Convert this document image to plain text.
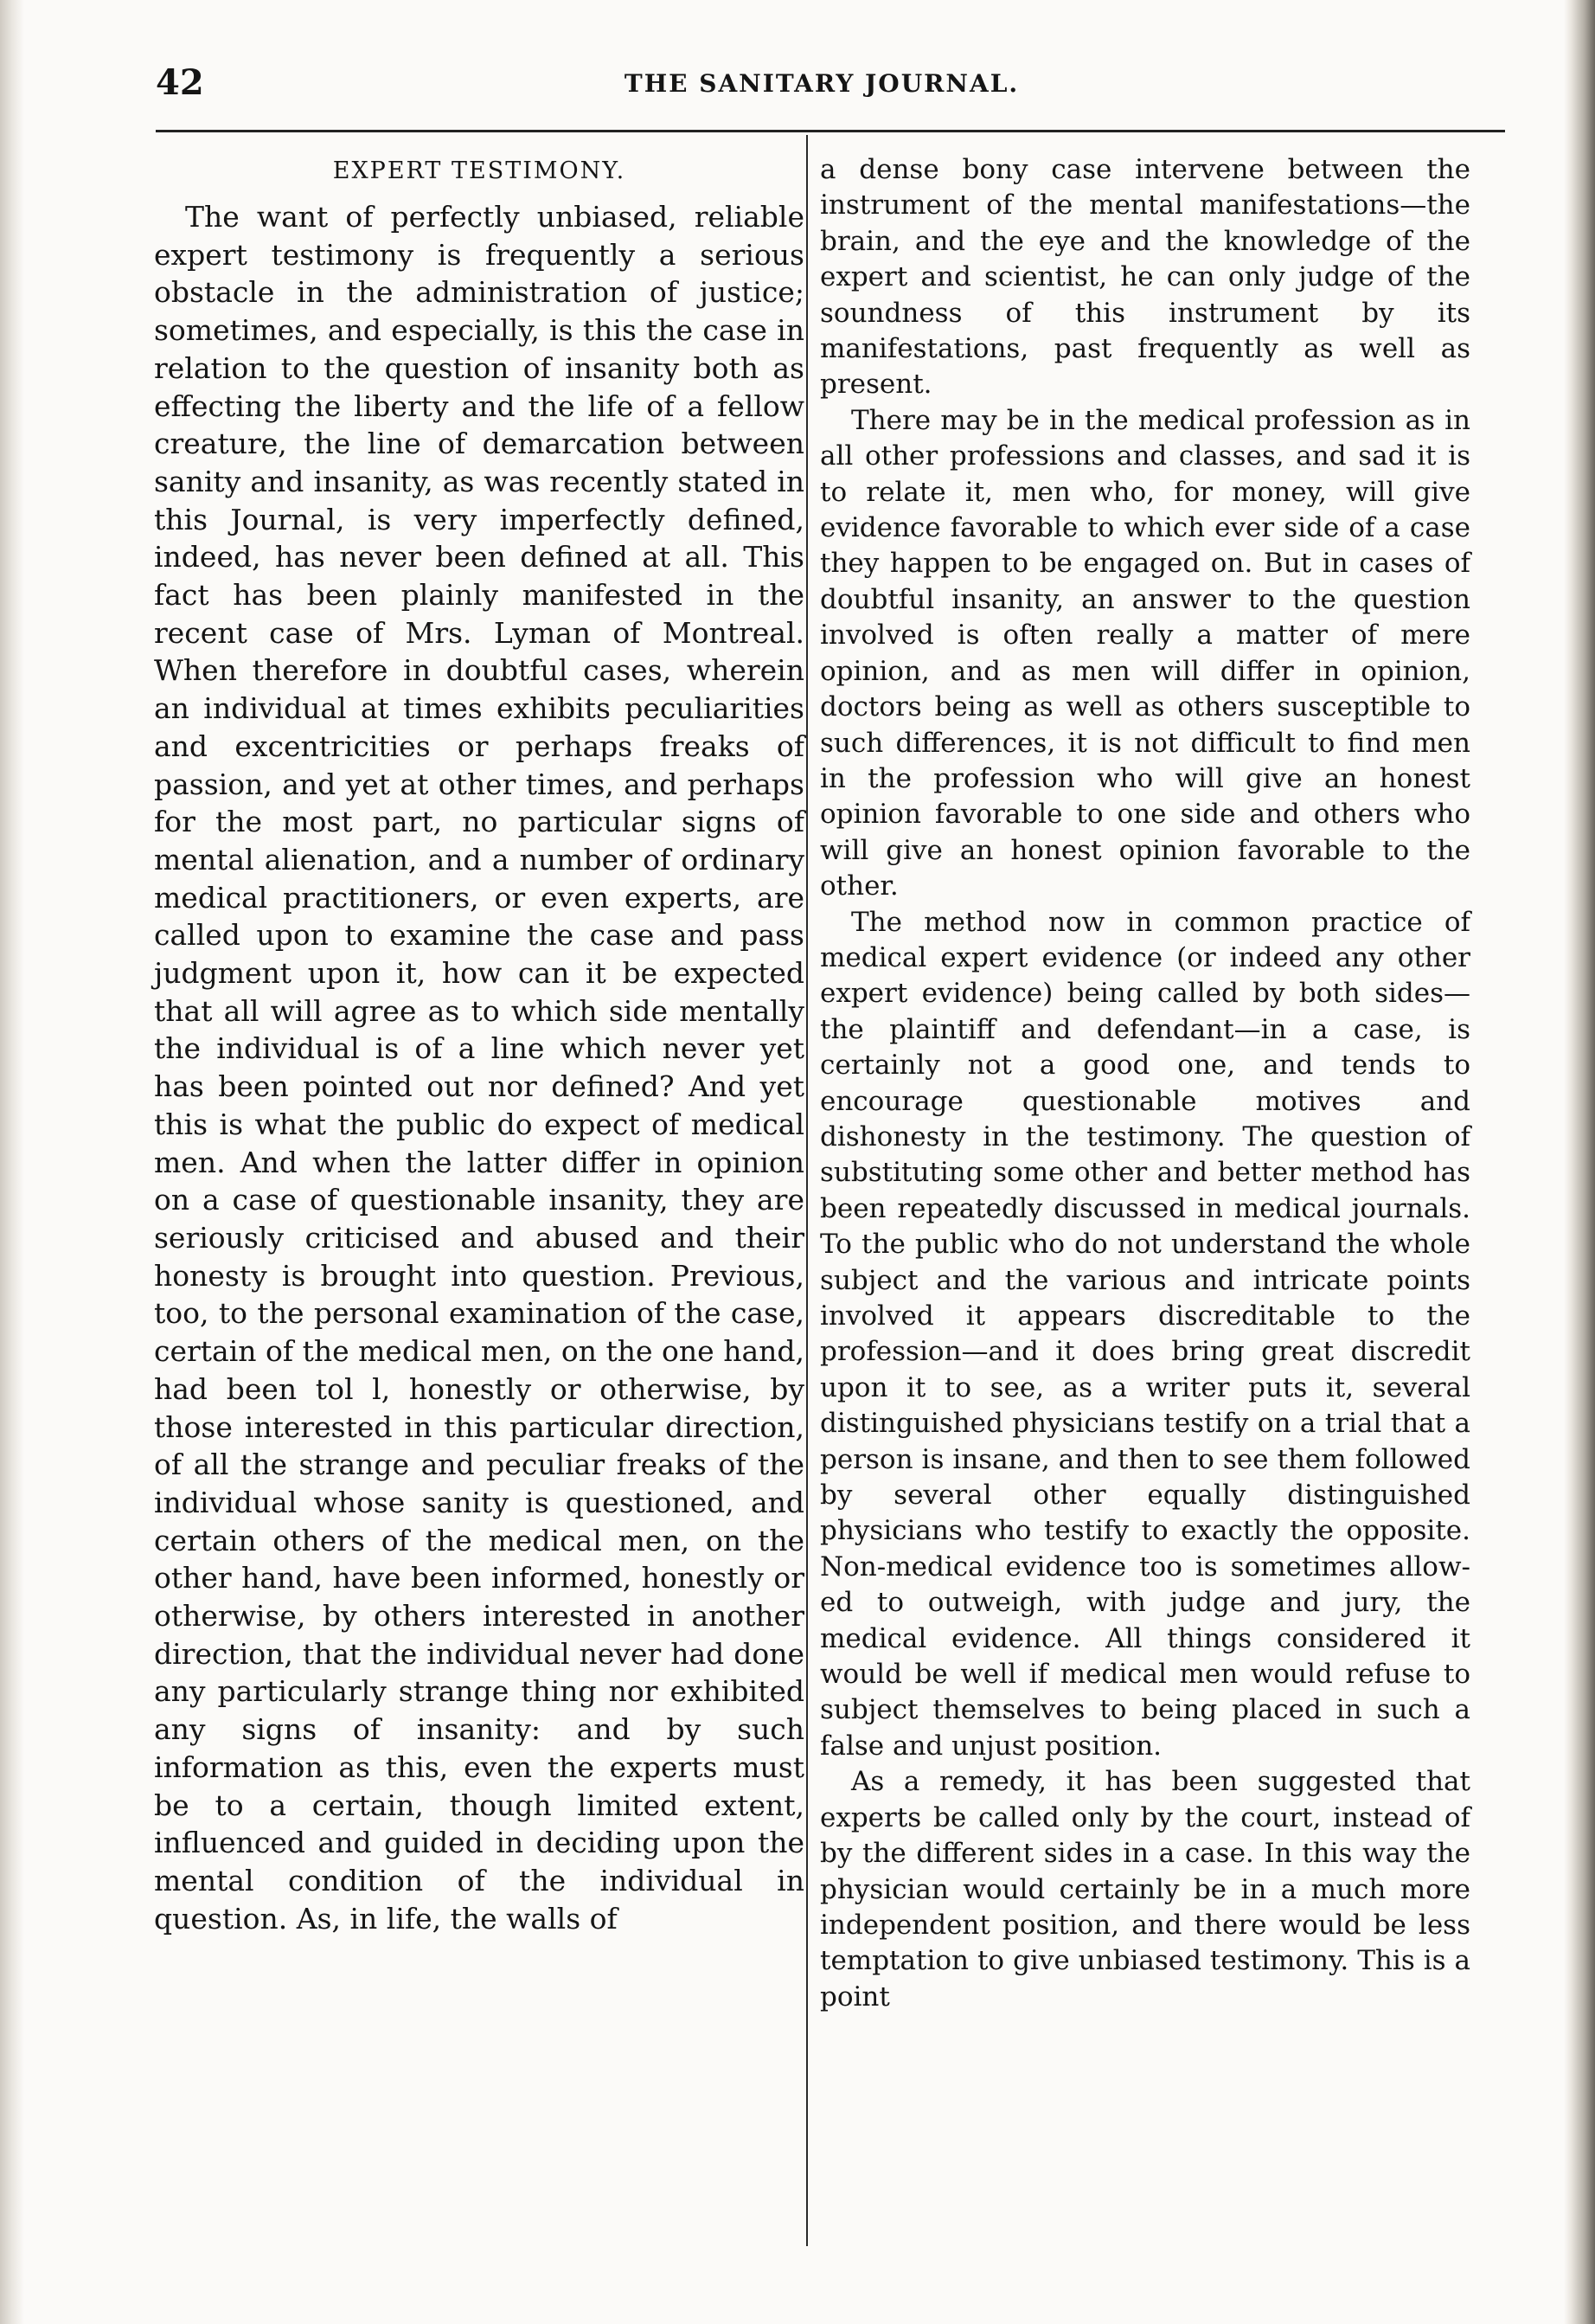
42	THE SANITARY JOURNAL.
EXPERT TESTIMONY.

The want of perfectly unbiased, reliable expert testimony is frequently a serious obstacle in the administration of justice; sometimes, and especially, is this the case in relation to the question of insanity both as effecting the liberty and the life of a fellow creature, the line of demarcation between sanity and insanity, as was recently stated in this Journal, is very imperfectly defined, indeed, has never been defined at all. This fact has been plainly manifested in the recent case of Mrs. Lyman of Montreal. When therefore in doubtful cases, wherein an individual at times exhibits peculiarities and excentricities or perhaps freaks of passion, and yet at other times, and perhaps for the most part, no particular signs of mental alienation, and a number of ordinary medical practitioners, or even experts, are called upon to examine the case and pass judgment upon it, how can it be expected that all will agree as to which side mentally the individual is of a line which never yet has been pointed out nor defined? And yet this is what the public do expect of medical men. And when the latter differ in opinion on a case of questionable insanity, they are seriously criticised and abused and their honesty is brought into question. Previous, too, to the personal examination of the case, certain of the medical men, on the one hand, had been tol l, honestly or otherwise, by those interested in this particular direction, of all the strange and peculiar freaks of the individual whose sanity is questioned, and certain others of the medical men, on the other hand, have been informed, honestly or otherwise, by others interested in another direction, that the individual never had done any particularly strange thing nor exhibited any signs of insanity: and by such information as this, even the experts must be to a certain, though limited extent, influenced and guided in deciding upon the mental condition of the individual in question. As, in life, the walls of

a dense bony case intervene between the instrument of the mental manifestations—the brain, and the eye and the knowledge of the expert and scientist, he can only judge of the soundness of this instrument by its manifestations, past frequently as well as present.

There may be in the medical profession as in all other professions and classes, and sad it is to relate it, men who, for money, will give evidence favorable to which ever side of a case they happen to be engaged on. But in cases of doubtful insanity, an answer to the question involved is often really a matter of mere opinion, and as men will differ in opinion, doctors being as well as others susceptible to such differences, it is not difficult to find men in the profession who will give an honest opinion favorable to one side and others who will give an honest opinion favorable to the other.

The method now in common practice of medical expert evidence (or indeed any other expert evidence) being called by both sides—the plaintiff and defendant—in a case, is certainly not a good one, and tends to encourage questionable motives and dishonesty in the testimony. The question of substituting some other and better method has been repeatedly discussed in medical journals. To the public who do not understand the whole subject and the various and intricate points involved it appears discreditable to the profession—and it does bring great discredit upon it to see, as a writer puts it, several distinguished physicians testify on a trial that a person is insane, and then to see them followed by several other equally distinguished physicians who testify to exactly the opposite. Non-medical evidence too is sometimes allowed to outweigh, with judge and jury, the medical evidence. All things considered it would be well if medical men would refuse to subject themselves to being placed in such a false and unjust position.

As a remedy, it has been suggested that experts be called only by the court, instead of by the different sides in a case. In this way the physician would certainly be in a much more independent position, and there would be less temptation to give unbiased testimony. This is a point
